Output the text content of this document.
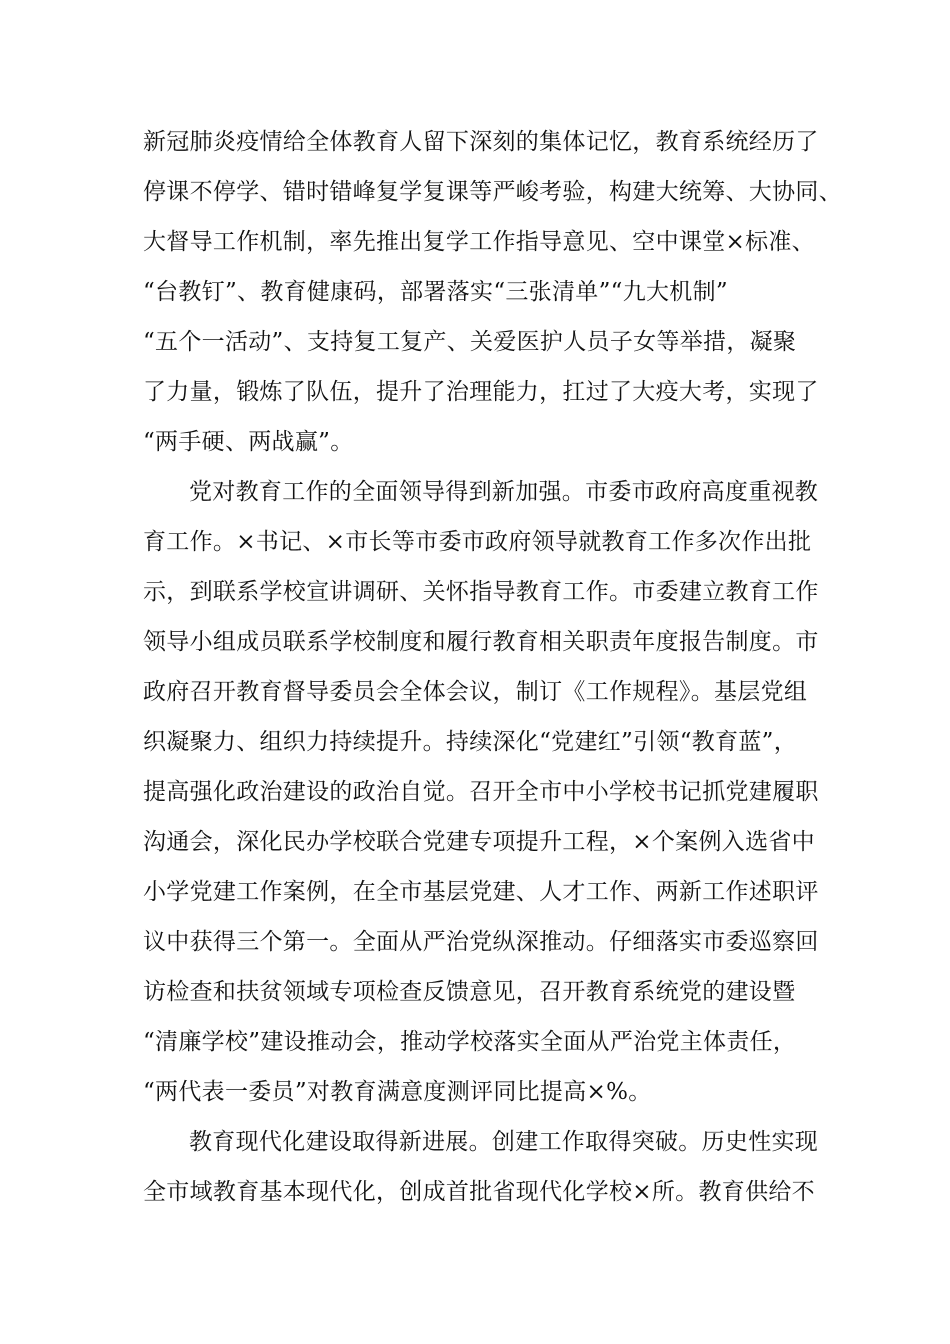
新冠肺炎疫情给全体教育人留下深刻的集体记忆，教育系统经历了
停课不停学、错时错峰复学复课等严峻考验，构建大统筹、大协同、
大督导工作机制，率先推出复学工作指导意见、空中课堂×标准、
“台教钉”、教育健康码，部署落实“三张清单”“九大机制”
“五个一活动”、支持复工复产、关爱医护人员子女等举措，凝聚
了力量，锻炼了队伍，提升了治理能力，扛过了大疫大考，实现了
“两手硬、两战赢”。
党对教育工作的全面领导得到新加强。市委市政府高度重视教
育工作。×书记、×市长等市委市政府领导就教育工作多次作出批
示，到联系学校宣讲调研、关怀指导教育工作。市委建立教育工作
领导小组成员联系学校制度和履行教育相关职责年度报告制度。市
政府召开教育督导委员会全体会议，制订《工作规程》。基层党组
织凝聚力、组织力持续提升。持续深化“党建红”引领“教育蓝”，
提高强化政治建设的政治自觉。召开全市中小学校书记抓党建履职
沟通会，深化民办学校联合党建专项提升工程，×个案例入选省中
小学党建工作案例，在全市基层党建、人才工作、两新工作述职评
议中获得三个第一。全面从严治党纵深推动。仔细落实市委巡察回
访检查和扶贫领域专项检查反馈意见，召开教育系统党的建设暨
“清廉学校”建设推动会，推动学校落实全面从严治党主体责任，
“两代表一委员”对教育满意度测评同比提高×%。
教育现代化建设取得新进展。创建工作取得突破。历史性实现
全市域教育基本现代化，创成首批省现代化学校×所。教育供给不
